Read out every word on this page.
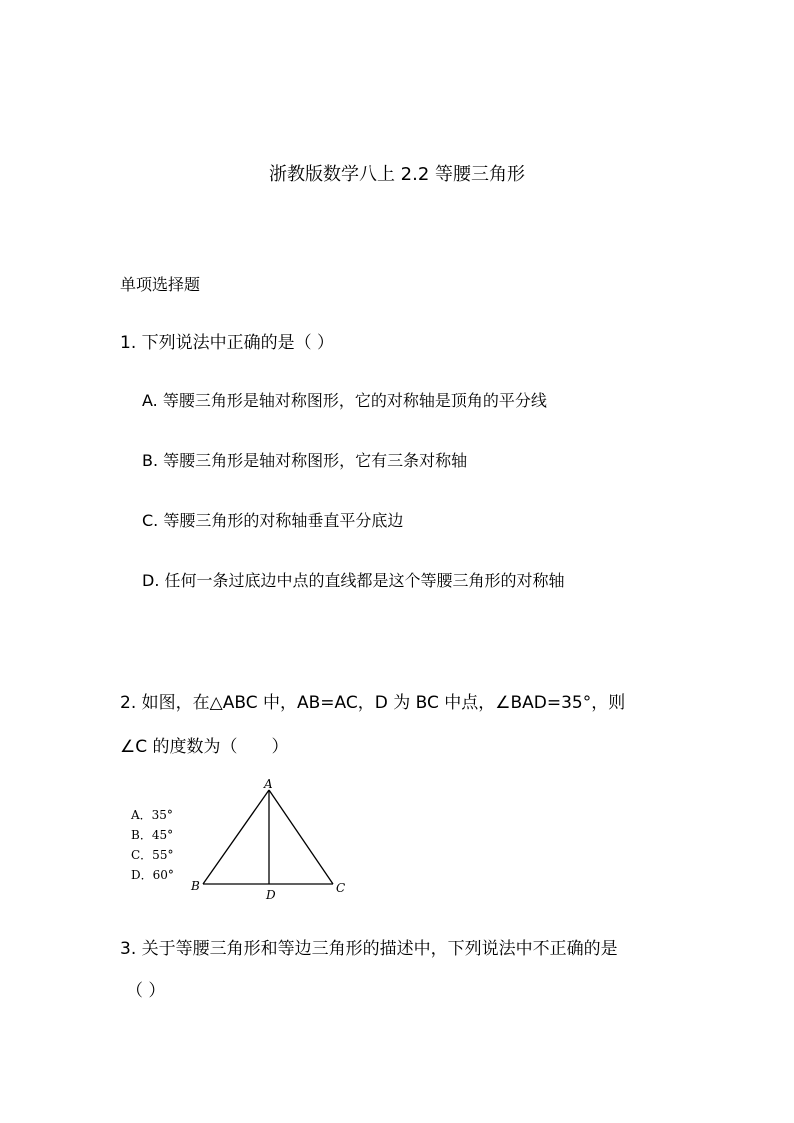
浙教版数学八上 2.2 等腰三角形
单项选择题
1. 下列说法中正确的是（ ）
A. 等腰三角形是轴对称图形，它的对称轴是顶角的平分线
B. 等腰三角形是轴对称图形，它有三条对称轴
C. 等腰三角形的对称轴垂直平分底边
D. 任何一条过底边中点的直线都是这个等腰三角形的对称轴
2. 如图，在△ABC 中，AB=AC，D 为 BC 中点，∠BAD=35°，则
∠C 的度数为（　　）
A．35°
B．45°
C．55°
D．60°
A
B	C
D
3. 关于等腰三角形和等边三角形的描述中，下列说法中不正确的是
（ ）
